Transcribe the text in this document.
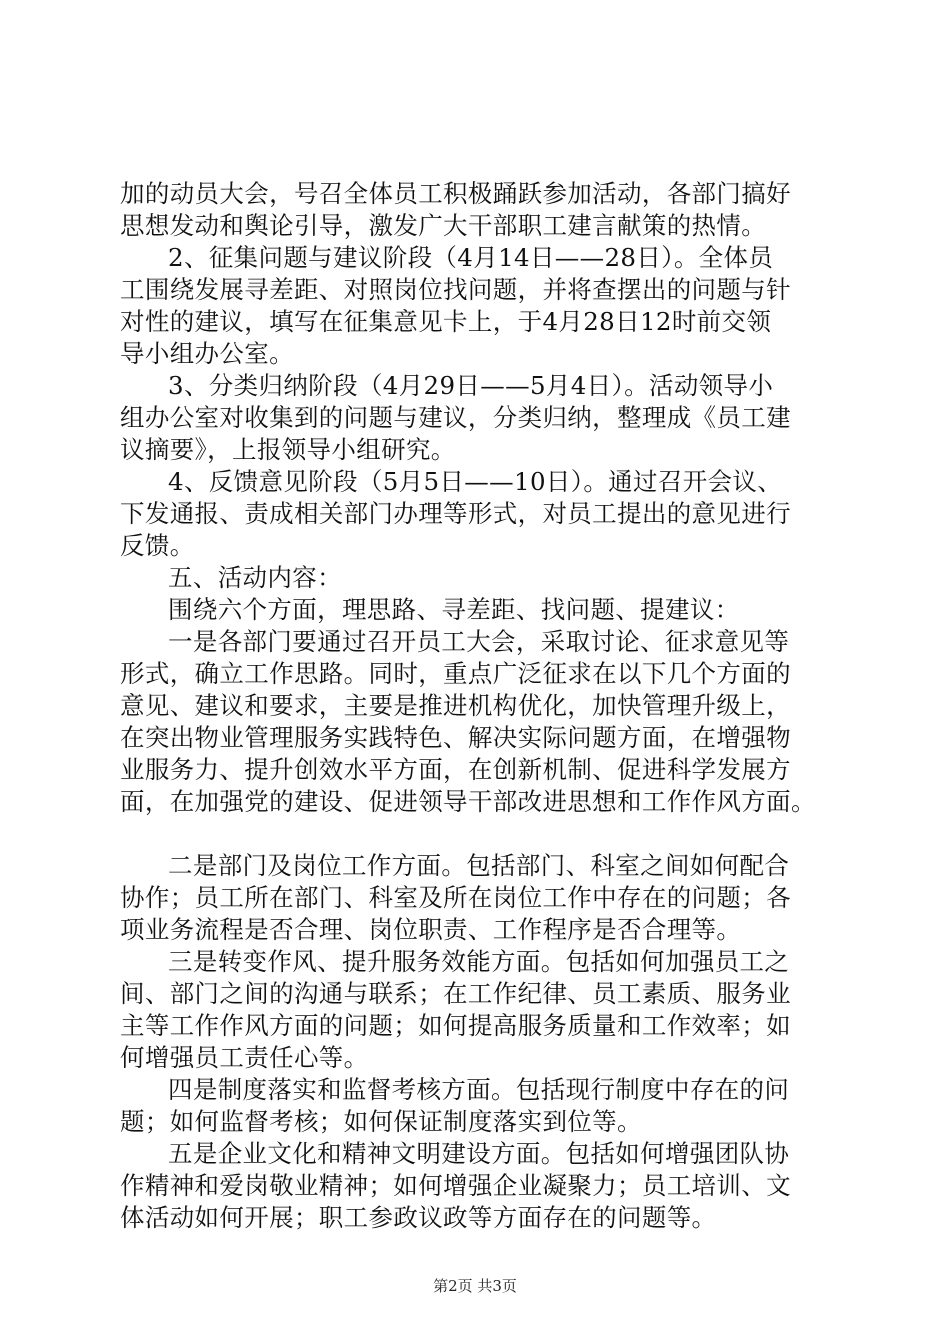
加的动员大会，号召全体员工积极踊跃参加活动，各部门搞好
思想发动和舆论引导，激发广大干部职工建言献策的热情。
2、征集问题与建议阶段（4月14日——28日）。全体员
工围绕发展寻差距、对照岗位找问题，并将查摆出的问题与针
对性的建议，填写在征集意见卡上，于4月28日12时前交领
导小组办公室。
3、分类归纳阶段（4月29日——5月4日）。活动领导小
组办公室对收集到的问题与建议，分类归纳，整理成《员工建
议摘要》，上报领导小组研究。
4、反馈意见阶段（5月5日——10日）。通过召开会议、
下发通报、责成相关部门办理等形式，对员工提出的意见进行
反馈。
五、活动内容：
围绕六个方面，理思路、寻差距、找问题、提建议：
一是各部门要通过召开员工大会，采取讨论、征求意见等
形式，确立工作思路。同时，重点广泛征求在以下几个方面的
意见、建议和要求，主要是推进机构优化，加快管理升级上，
在突出物业管理服务实践特色、解决实际问题方面，在增强物
业服务力、提升创效水平方面，在创新机制、促进科学发展方
面，在加强党的建设、促进领导干部改进思想和工作作风方面。
二是部门及岗位工作方面。包括部门、科室之间如何配合
协作；员工所在部门、科室及所在岗位工作中存在的问题；各
项业务流程是否合理、岗位职责、工作程序是否合理等。
三是转变作风、提升服务效能方面。包括如何加强员工之
间、部门之间的沟通与联系；在工作纪律、员工素质、服务业
主等工作作风方面的问题；如何提高服务质量和工作效率；如
何增强员工责任心等。
四是制度落实和监督考核方面。包括现行制度中存在的问
题；如何监督考核；如何保证制度落实到位等。
五是企业文化和精神文明建设方面。包括如何增强团队协
作精神和爱岗敬业精神；如何增强企业凝聚力；员工培训、文
体活动如何开展；职工参政议政等方面存在的问题等。
第2页 共3页
